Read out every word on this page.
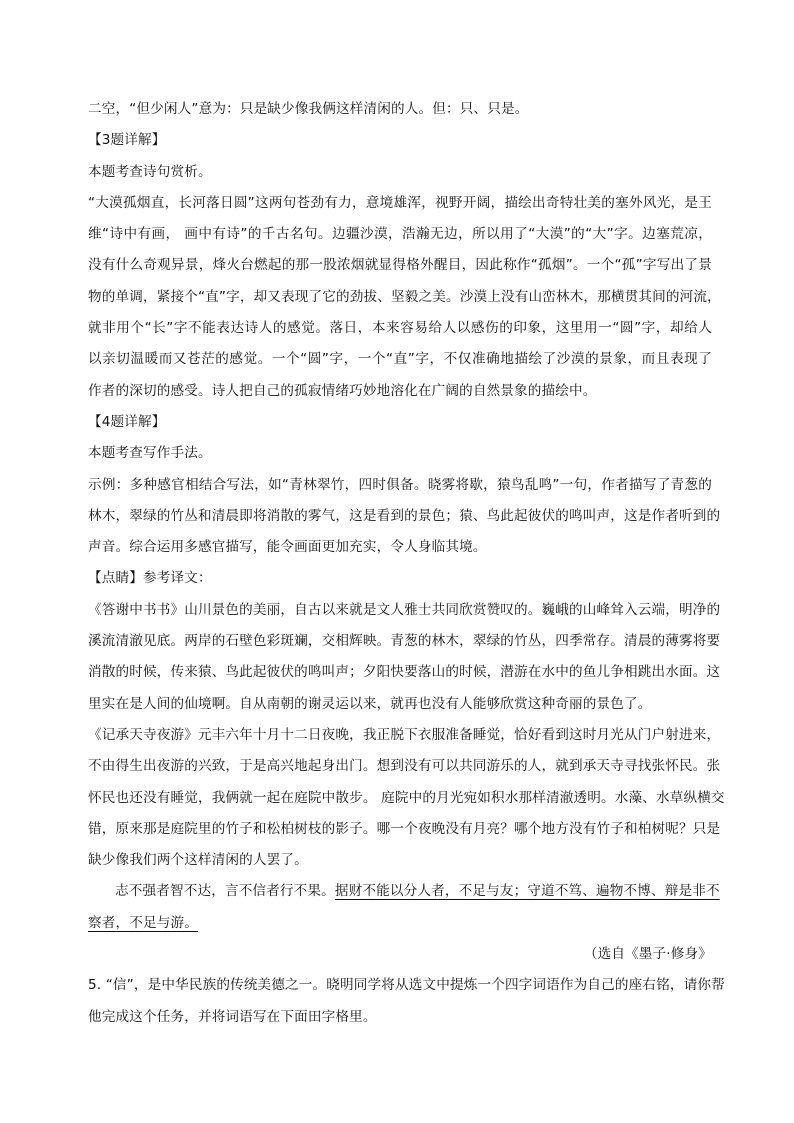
二空，“但少闲人”意为：只是缺少像我俩这样清闲的人。但：只、只是。
【3题详解】
本题考查诗句赏析。
“大漠孤烟直，长河落日圆”这两句苍劲有力，意境雄浑，视野开阔，描绘出奇特壮美的塞外风光，是王
维“诗中有画， 画中有诗”的千古名句。边疆沙漠，浩瀚无边，所以用了“大漠”的“大”字。边塞荒凉，
没有什么奇观异景，烽火台燃起的那一股浓烟就显得格外醒目，因此称作“孤烟”。一个“孤”字写出了景
物的单调，紧接个“直”字，却又表现了它的劲拔、坚毅之美。沙漠上没有山峦林木，那横贯其间的河流，
就非用个“长”字不能表达诗人的感觉。落日，本来容易给人以感伤的印象，这里用一“圆”字，却给人
以亲切温暖而又苍茫的感觉。一个“圆”字，一个“直”字，不仅准确地描绘了沙漠的景象，而且表现了
作者的深切的感受。诗人把自己的孤寂情绪巧妙地溶化在广阔的自然景象的描绘中。
【4题详解】
本题考查写作手法。
示例：多种感官相结合写法，如“青林翠竹，四时俱备。晓雾将歇，猿鸟乱鸣”一句，作者描写了青葱的
林木，翠绿的竹丛和清晨即将消散的雾气，这是看到的景色；猿、鸟此起彼伏的鸣叫声，这是作者听到的
声音。综合运用多感官描写，能令画面更加充实，令人身临其境。
【点睛】参考译文：
《答谢中书书》山川景色的美丽，自古以来就是文人雅士共同欣赏赞叹的。巍峨的山峰耸入云端，明净的
溪流清澈见底。两岸的石壁色彩斑斓，交相辉映。青葱的林木，翠绿的竹丛，四季常存。清晨的薄雾将要
消散的时候，传来猿、鸟此起彼伏的鸣叫声；夕阳快要落山的时候，潜游在水中的鱼儿争相跳出水面。这
里实在是人间的仙境啊。自从南朝的谢灵运以来，就再也没有人能够欣赏这种奇丽的景色了。
《记承天寺夜游》元丰六年十月十二日夜晚，我正脱下衣服准备睡觉，恰好看到这时月光从门户射进来，
不由得生出夜游的兴致，于是高兴地起身出门。想到没有可以共同游乐的人，就到承天寺寻找张怀民。张
怀民也还没有睡觉，我俩就一起在庭院中散步。 庭院中的月光宛如积水那样清澈透明。水藻、水草纵横交
错，原来那是庭院里的竹子和松柏树枝的影子。哪一个夜晚没有月亮？哪个地方没有竹子和柏树呢？只是
缺少像我们两个这样清闲的人罢了。
志不强者智不达，言不信者行不果。据财不能以分人者，不足与友；守道不笃、遍物不博、辩是非不
察者，不足与游。
（选自《墨子·修身》
5. “信”，是中华民族的传统美德之一。晓明同学将从选文中提炼一个四字词语作为自己的座右铭，请你帮
他完成这个任务，并将词语写在下面田字格里。
